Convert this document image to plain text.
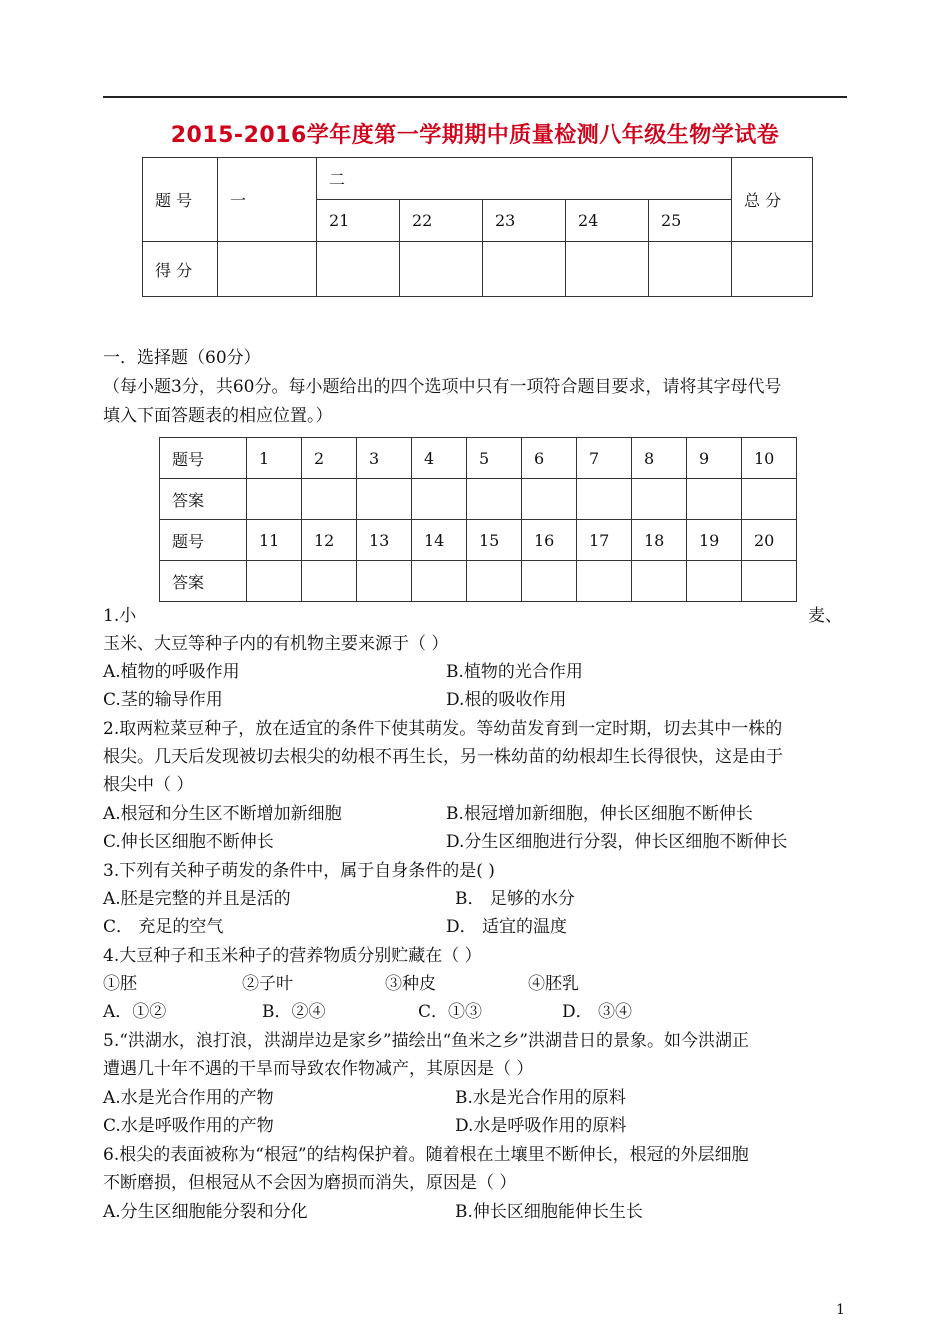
2015-2016学年度第一学期期中质量检测八年级生物学试卷
题 号	一	二					总 分
		21	22	23	24	25	
得 分							
一．选择题（60分）
（每小题3分，共60分。每小题给出的四个选项中只有一项符合题目要求，请将其字母代号
填入下面答题表的相应位置。）
题号	1	2	3	4	5	6	7	8	9	10
答案										
题号	11	12	13	14	15	16	17	18	19	20
答案										
1.小	麦、
玉米、大豆等种子内的有机物主要来源于（ ）
A.植物的呼吸作用	B.植物的光合作用
C.茎的输导作用	D.根的吸收作用
2.取两粒菜豆种子，放在适宜的条件下使其萌发。等幼苗发育到一定时期，切去其中一株的
根尖。几天后发现被切去根尖的幼根不再生长，另一株幼苗的幼根却生长得很快，这是由于
根尖中（ ）
A.根冠和分生区不断增加新细胞	B.根冠增加新细胞，伸长区细胞不断伸长
C.伸长区细胞不断伸长	D.分生区细胞进行分裂，伸长区细胞不断伸长
3.下列有关种子萌发的条件中，属于自身条件的是( )
A.胚是完整的并且是活的	B． 足够的水分
C． 充足的空气	D． 适宜的温度
4.大豆种子和玉米种子的营养物质分别贮藏在（ ）
①胚	②子叶	③种皮	④胚乳
A．①②	B．②④	C．①③	D． ③④
5.“洪湖水，浪打浪，洪湖岸边是家乡”描绘出“鱼米之乡”洪湖昔日的景象。如今洪湖正
遭遇几十年不遇的干旱而导致农作物减产，其原因是（ ）
A.水是光合作用的产物	B.水是光合作用的原料
C.水是呼吸作用的产物	D.水是呼吸作用的原料
6.根尖的表面被称为“根冠”的结构保护着。随着根在土壤里不断伸长，根冠的外层细胞
不断磨损，但根冠从不会因为磨损而消失，原因是（ ）
A.分生区细胞能分裂和分化	B.伸长区细胞能伸长生长
1
